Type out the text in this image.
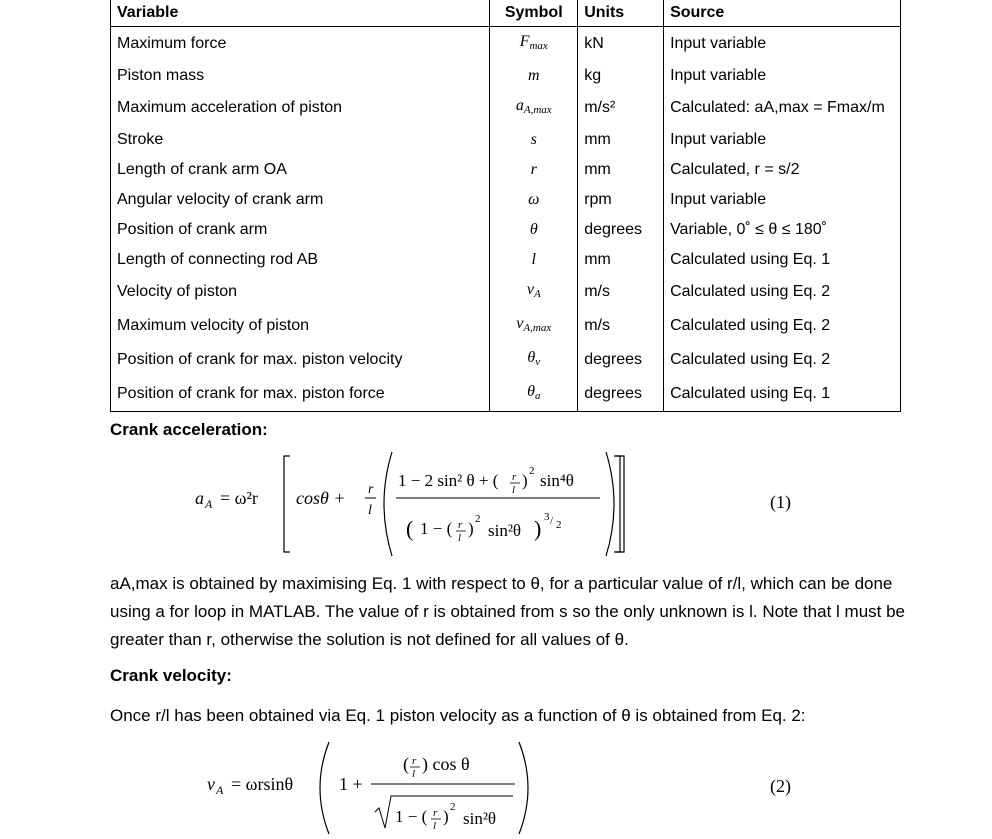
Variable	Symbol	Units	Source
Maximum force	$F_{max}$	kN	Input variable
Piston mass	m	kg	Input variable
Maximum acceleration of piston	$a_{A,max}$	m/s²	Calculated: aA,max = Fmax/m
Stroke	s	mm	Input variable
Length of crank arm OA	r	mm	Calculated, r = s/2
Angular velocity of crank arm	ω	rpm	Input variable
Position of crank arm	θ	degrees	Variable, 0˚ ≤ θ ≤ 180˚
Length of connecting rod AB	l	mm	Calculated using Eq. 1
Velocity of piston	$v_A$	m/s	Calculated using Eq. 2
Maximum velocity of piston	$v_{A,max}$	m/s	Calculated using Eq. 2
Position of crank for max. piston velocity	$\theta_v$	degrees	Calculated using Eq. 2
Position of crank for max. piston force	$\theta_a$	degrees	Calculated using Eq. 1
Crank acceleration:
a A = ω²r cosθ + r
l
1 − 2 sin² θ + ( r
l ) 2 sin⁴θ
( 1 − ( r
l ) 2
sin²θ ) 3 / 2
(1)
aA,max is obtained by maximising Eq. 1 with respect to θ, for a particular value of r/l, which can be done using a for loop in MATLAB. The value of r is obtained from s so the only unknown is l. Note that l must be greater than r, otherwise the solution is not defined for all values of θ.
Crank velocity:
Once r/l has been obtained via Eq. 1 piston velocity as a function of θ is obtained from Eq. 2:
v A = ωrsinθ	1 +
( r
l ) cos θ
1 − ( r
l ) 2
sin²θ
(2)
